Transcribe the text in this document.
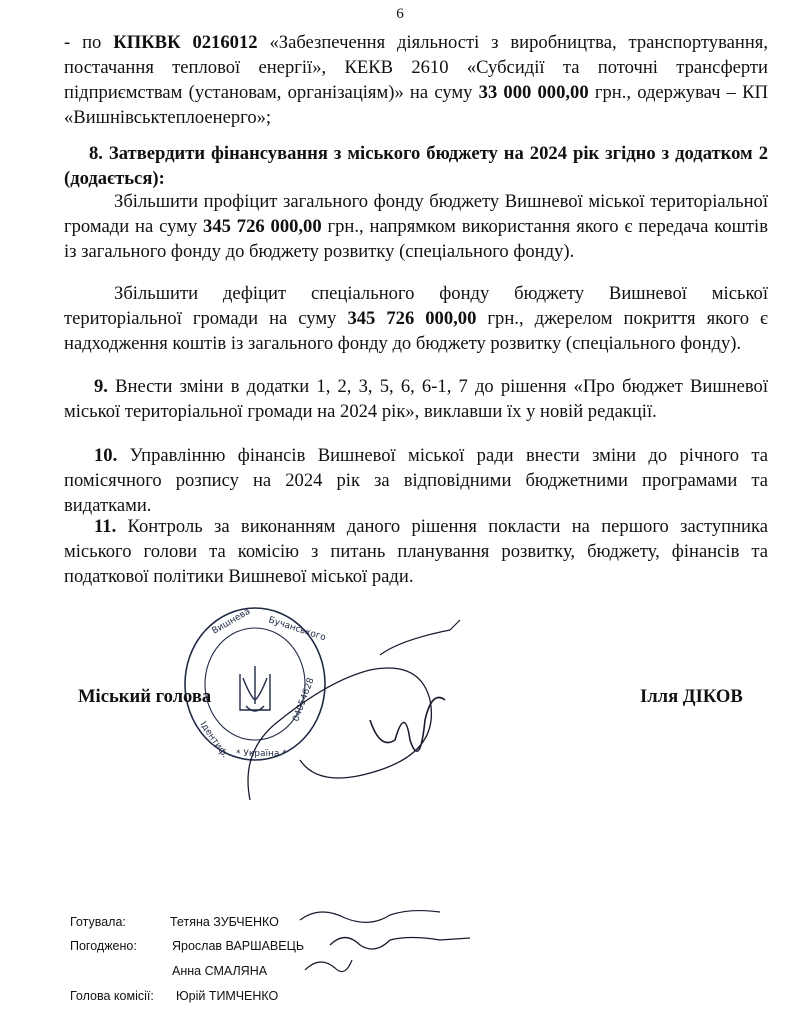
6
- по КПКВК 0216012 «Забезпечення діяльності з виробництва, транспортування, постачання теплової енергії», КЕКВ 2610 «Субсидії та поточні трансферти підприємствам (установам, організаціям)» на суму 33 000 000,00 грн., одержувач – КП «Вишнівськтеплоенерго»;
8. Затвердити фінансування з міського бюджету на 2024 рік згідно з додатком 2 (додається):
Збільшити профіцит загального фонду бюджету Вишневої міської територіальної громади на суму 345 726 000,00 грн., напрямком використання якого є передача коштів із загального фонду до бюджету розвитку (спеціального фонду).
Збільшити дефіцит спеціального фонду бюджету Вишневої міської територіальної громади на суму 345 726 000,00 грн., джерелом покриття якого є надходження коштів із загального фонду до бюджету розвитку (спеціального фонду).
9. Внести зміни в додатки 1, 2, 3, 5, 6, 6-1, 7 до рішення «Про бюджет Вишневої міської територіальної громади на 2024 рік», виклавши їх у новій редакції.
10. Управлінню фінансів Вишневої міської ради внести зміни до річного та помісячного розпису на 2024 рік за відповідними бюджетними програмами та видатками.
11. Контроль за виконанням даного рішення покласти на першого заступника міського голови та комісію з питань планування розвитку, бюджету, фінансів та податкової політики Вишневої міської ради.
Вишнева Бучанського
Ідентиф.
04054628
* Україна *
Міський голова	Ілля ДІКОВ
Готувала:	Тетяна ЗУБЧЕНКО
Погоджено:	Ярослав ВАРШАВЕЦЬ
Анна СМАЛЯНА
Голова комісії: Юрій ТИМЧЕНКО
